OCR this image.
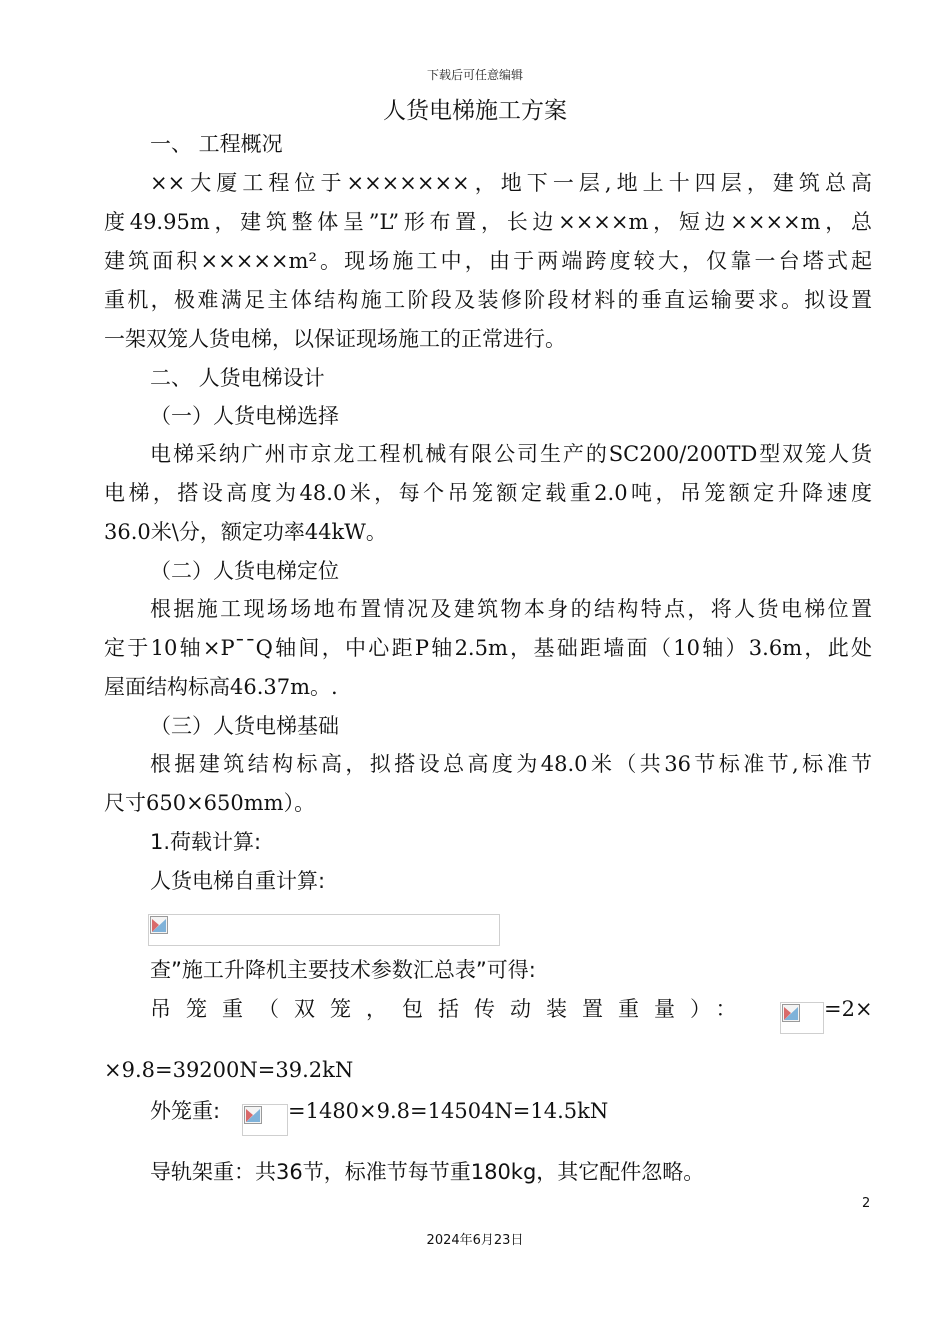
下载后可任意编辑
人货电梯施工方案
一、 工程概况
××大厦工程位于×××××××，地下一层,地上十四层，建筑总高
度49.95m，建筑整体呈”L”形布置，长边××××m，短边××××m，总
建筑面积×××××m²。现场施工中，由于两端跨度较大，仅靠一台塔式起
重机，极难满足主体结构施工阶段及装修阶段材料的垂直运输要求。拟设置
一架双笼人货电梯，以保证现场施工的正常进行。
二、 人货电梯设计
（一）人货电梯选择
电梯采纳广州市京龙工程机械有限公司生产的SC200/200TD型双笼人货
电梯，搭设高度为48.0米，每个吊笼额定载重2.0吨，吊笼额定升降速度
36.0米\分，额定功率44kW。
（二）人货电梯定位
根据施工现场场地布置情况及建筑物本身的结构特点，将人货电梯位置
定于10轴×P¯¯Q轴间，中心距P轴2.5m，基础距墙面（10轴）3.6m，此处
屋面结构标高46.37m。.
（三）人货电梯基础
根据建筑结构标高，拟搭设总高度为48.0米（共36节标准节,标准节
尺寸650×650mm）。
1.荷载计算:
人货电梯自重计算:
查”施工升降机主要技术参数汇总表”可得:
吊笼重（双笼，包括传动装置重量）：	=2×
×9.8=39200N=39.2kN
外笼重:	=1480×9.8=14504N=14.5kN
导轨架重：共36节，标准节每节重180kg，其它配件忽略。
2
2024年6月23日
